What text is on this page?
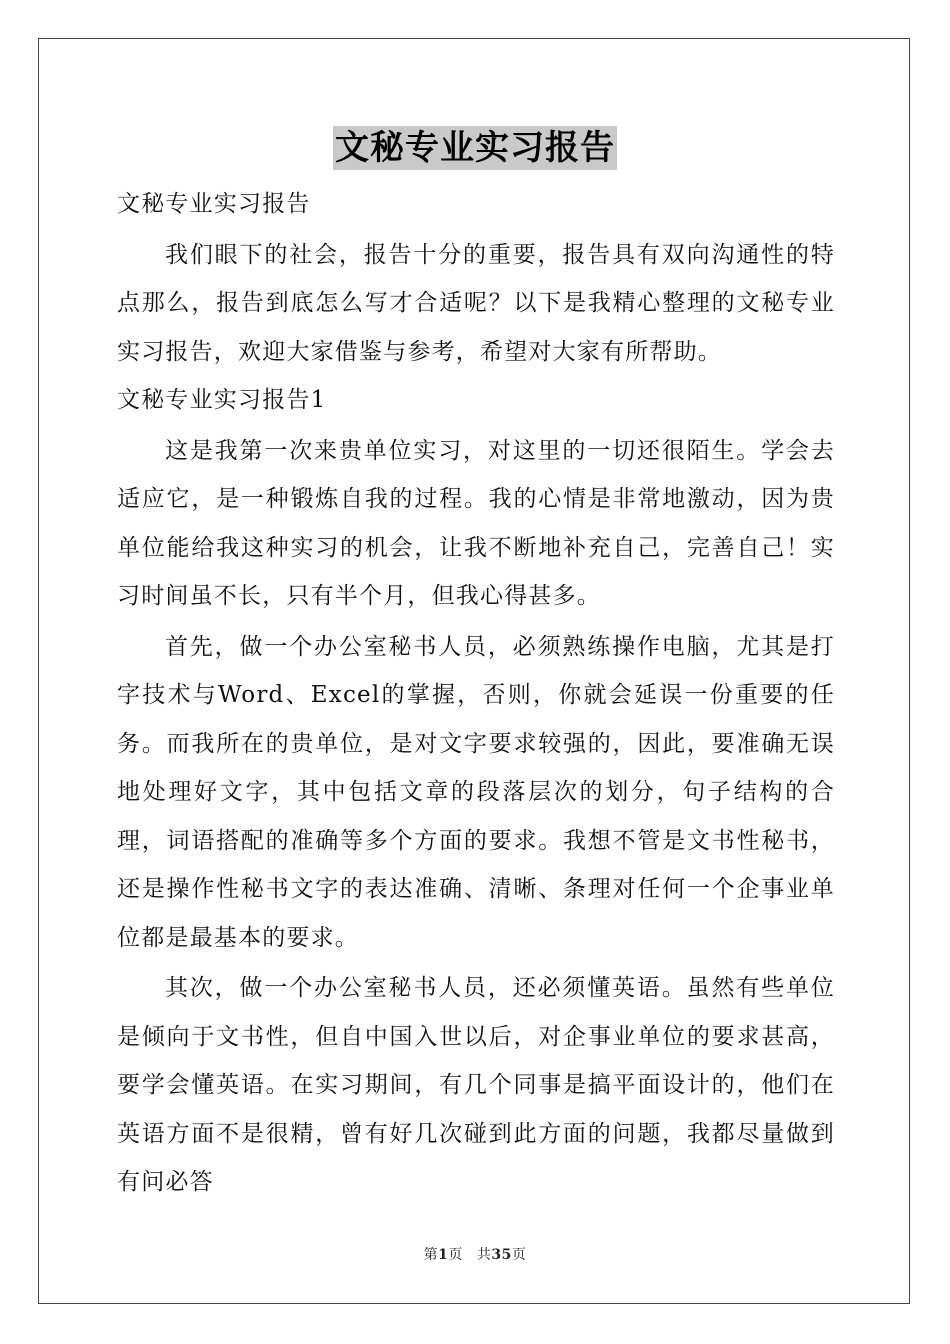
文秘专业实习报告

文秘专业实习报告

我们眼下的社会，报告十分的重要，报告具有双向沟通性的特点那么，报告到底怎么写才合适呢？以下是我精心整理的文秘专业实习报告，欢迎大家借鉴与参考，希望对大家有所帮助。

文秘专业实习报告1

这是我第一次来贵单位实习，对这里的一切还很陌生。学会去适应它，是一种锻炼自我的过程。我的心情是非常地激动，因为贵单位能给我这种实习的机会，让我不断地补充自己，完善自己！实习时间虽不长，只有半个月，但我心得甚多。

首先，做一个办公室秘书人员，必须熟练操作电脑，尤其是打字技术与Word、Excel的掌握，否则，你就会延误一份重要的任务。而我所在的贵单位，是对文字要求较强的，因此，要准确无误地处理好文字，其中包括文章的段落层次的划分，句子结构的合理，词语搭配的准确等多个方面的要求。我想不管是文书性秘书，还是操作性秘书文字的表达准确、清晰、条理对任何一个企事业单位都是最基本的要求。

其次，做一个办公室秘书人员，还必须懂英语。虽然有些单位是倾向于文书性，但自中国入世以后，对企事业单位的要求甚高，要学会懂英语。在实习期间，有几个同事是搞平面设计的，他们在英语方面不是很精，曾有好几次碰到此方面的问题，我都尽量做到有问必答

第1页 共35页
